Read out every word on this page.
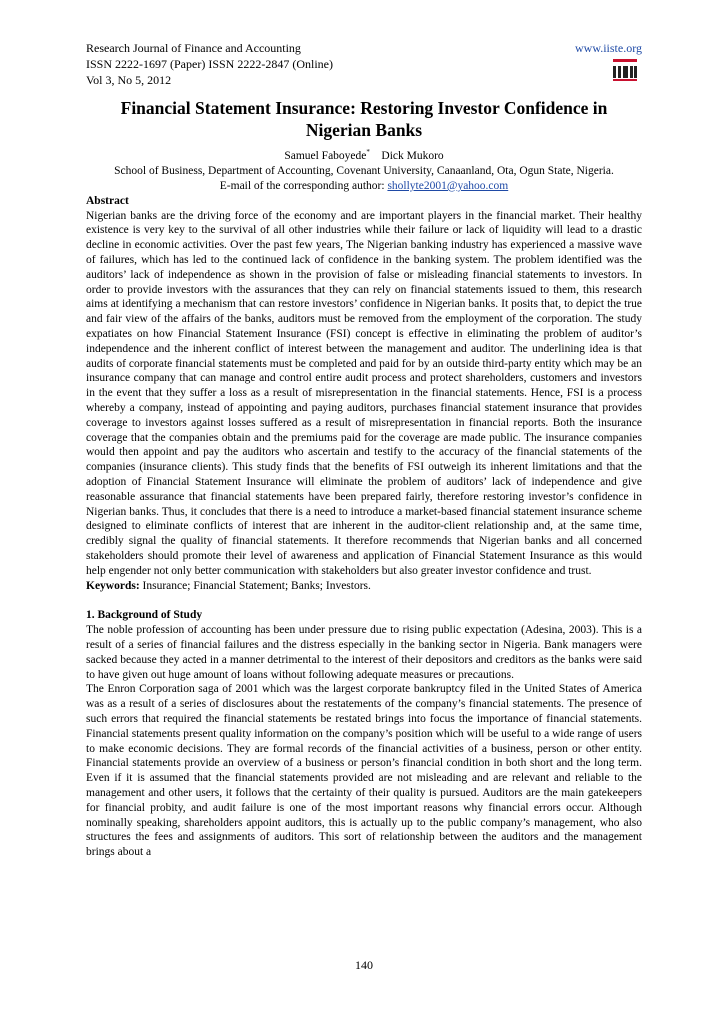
Research Journal of Finance and Accounting
ISSN 2222-1697 (Paper) ISSN 2222-2847 (Online)
Vol 3, No 5, 2012
www.iiste.org
Financial Statement Insurance: Restoring Investor Confidence in Nigerian Banks
Samuel Faboyede* Dick Mukoro
School of Business, Department of Accounting, Covenant University, Canaanland, Ota, Ogun State, Nigeria.
E-mail of the corresponding author: shollyte2001@yahoo.com
Abstract

Nigerian banks are the driving force of the economy and are important players in the financial market. Their healthy existence is very key to the survival of all other industries while their failure or lack of liquidity will lead to a drastic decline in economic activities. Over the past few years, The Nigerian banking industry has experienced a massive wave of failures, which has led to the continued lack of confidence in the banking system. The problem identified was the auditors’ lack of independence as shown in the provision of false or misleading financial statements to investors. In order to provide investors with the assurances that they can rely on financial statements issued to them, this research aims at identifying a mechanism that can restore investors’ confidence in Nigerian banks. It posits that, to depict the true and fair view of the affairs of the banks, auditors must be removed from the employment of the corporation. The study expatiates on how Financial Statement Insurance (FSI) concept is effective in eliminating the problem of auditor’s independence and the inherent conflict of interest between the management and auditor. The underlining idea is that audits of corporate financial statements must be completed and paid for by an outside third-party entity which may be an insurance company that can manage and control entire audit process and protect shareholders, customers and investors in the event that they suffer a loss as a result of misrepresentation in the financial statements. Hence, FSI is a process whereby a company, instead of appointing and paying auditors, purchases financial statement insurance that provides coverage to investors against losses suffered as a result of misrepresentation in financial reports. Both the insurance coverage that the companies obtain and the premiums paid for the coverage are made public. The insurance companies would then appoint and pay the auditors who ascertain and testify to the accuracy of the financial statements of the companies (insurance clients). This study finds that the benefits of FSI outweigh its inherent limitations and that the adoption of Financial Statement Insurance will eliminate the problem of auditors’ lack of independence and give reasonable assurance that financial statements have been prepared fairly, therefore restoring investor’s confidence in Nigerian banks. Thus, it concludes that there is a need to introduce a market-based financial statement insurance scheme designed to eliminate conflicts of interest that are inherent in the auditor-client relationship and, at the same time, credibly signal the quality of financial statements. It therefore recommends that Nigerian banks and all concerned stakeholders should promote their level of awareness and application of Financial Statement Insurance as this would help engender not only better communication with stakeholders but also greater investor confidence and trust.

Keywords: Insurance; Financial Statement; Banks; Investors.

1. Background of Study

The noble profession of accounting has been under pressure due to rising public expectation (Adesina, 2003). This is a result of a series of financial failures and the distress especially in the banking sector in Nigeria. Bank managers were sacked because they acted in a manner detrimental to the interest of their depositors and creditors as the banks were said to have given out huge amount of loans without following adequate measures or precautions.

The Enron Corporation saga of 2001 which was the largest corporate bankruptcy filed in the United States of America was as a result of a series of disclosures about the restatements of the company’s financial statements. The presence of such errors that required the financial statements be restated brings into focus the importance of financial statements. Financial statements present quality information on the company’s position which will be useful to a wide range of users to make economic decisions. They are formal records of the financial activities of a business, person or other entity. Financial statements provide an overview of a business or person’s financial condition in both short and the long term. Even if it is assumed that the financial statements provided are not misleading and are relevant and reliable to the management and other users, it follows that the certainty of their quality is pursued. Auditors are the main gatekeepers for financial probity, and audit failure is one of the most important reasons why financial errors occur. Although nominally speaking, shareholders appoint auditors, this is actually up to the public company’s management, who also structures the fees and assignments of auditors. This sort of relationship between the auditors and the management brings about a

140
